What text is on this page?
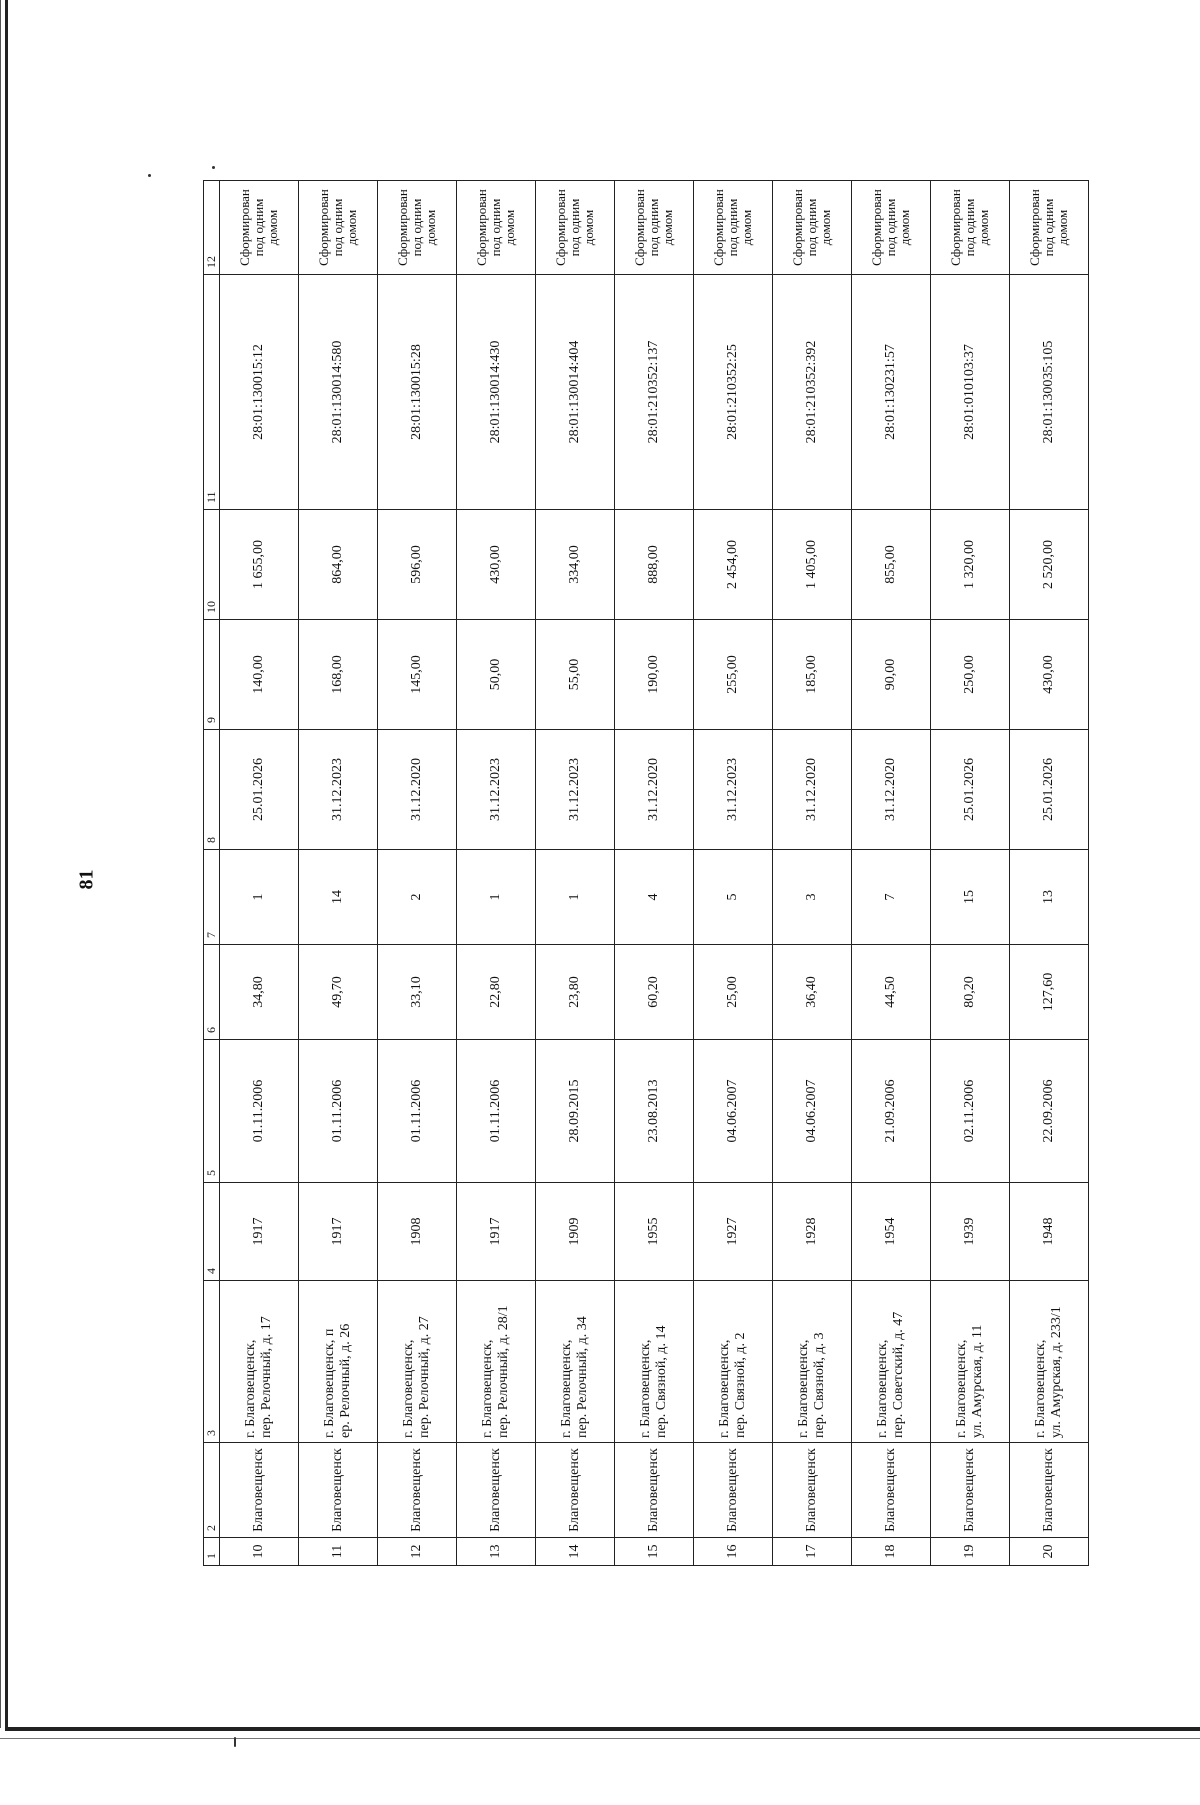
81
1	2	3	4	5	6	7	8	9	10	11	12
10	Благовещенск	г. Благовещенск, пер. Релочный, д. 17	1917	01.11.2006	34,80	1	25.01.2026	140,00	1 655,00	28:01:130015:12	Сформирован под одним домом
11	Благовещенск	г. Благовещенск, п ер. Релочный, д. 26	1917	01.11.2006	49,70	14	31.12.2023	168,00	864,00	28:01:130014:580	Сформирован под одним домом
12	Благовещенск	г. Благовещенск, пер. Релочный, д. 27	1908	01.11.2006	33,10	2	31.12.2020	145,00	596,00	28:01:130015:28	Сформирован под одним домом
13	Благовещенск	г. Благовещенск, пер. Релочный, д. 28/1	1917	01.11.2006	22,80	1	31.12.2023	50,00	430,00	28:01:130014:430	Сформирован под одним домом
14	Благовещенск	г. Благовещенск, пер. Релочный, д. 34	1909	28.09.2015	23,80	1	31.12.2023	55,00	334,00	28:01:130014:404	Сформирован под одним домом
15	Благовещенск	г. Благовещенск, пер. Связной, д. 14	1955	23.08.2013	60,20	4	31.12.2020	190,00	888,00	28:01:210352:137	Сформирован под одним домом
16	Благовещенск	г. Благовещенск, пер. Связной, д. 2	1927	04.06.2007	25,00	5	31.12.2023	255,00	2 454,00	28:01:210352:25	Сформирован под одним домом
17	Благовещенск	г. Благовещенск, пер. Связной, д. 3	1928	04.06.2007	36,40	3	31.12.2020	185,00	1 405,00	28:01:210352:392	Сформирован под одним домом
18	Благовещенск	г. Благовещенск, пер. Советский, д. 47	1954	21.09.2006	44,50	7	31.12.2020	90,00	855,00	28:01:130231:57	Сформирован под одним домом
19	Благовещенск	г. Благовещенск, ул. Амурская, д. 11	1939	02.11.2006	80,20	15	25.01.2026	250,00	1 320,00	28:01:010103:37	Сформирован под одним домом
20	Благовещенск	г. Благовещенск, ул. Амурская, д. 233/1	1948	22.09.2006	127,60	13	25.01.2026	430,00	2 520,00	28:01:130035:105	Сформирован под одним домом
